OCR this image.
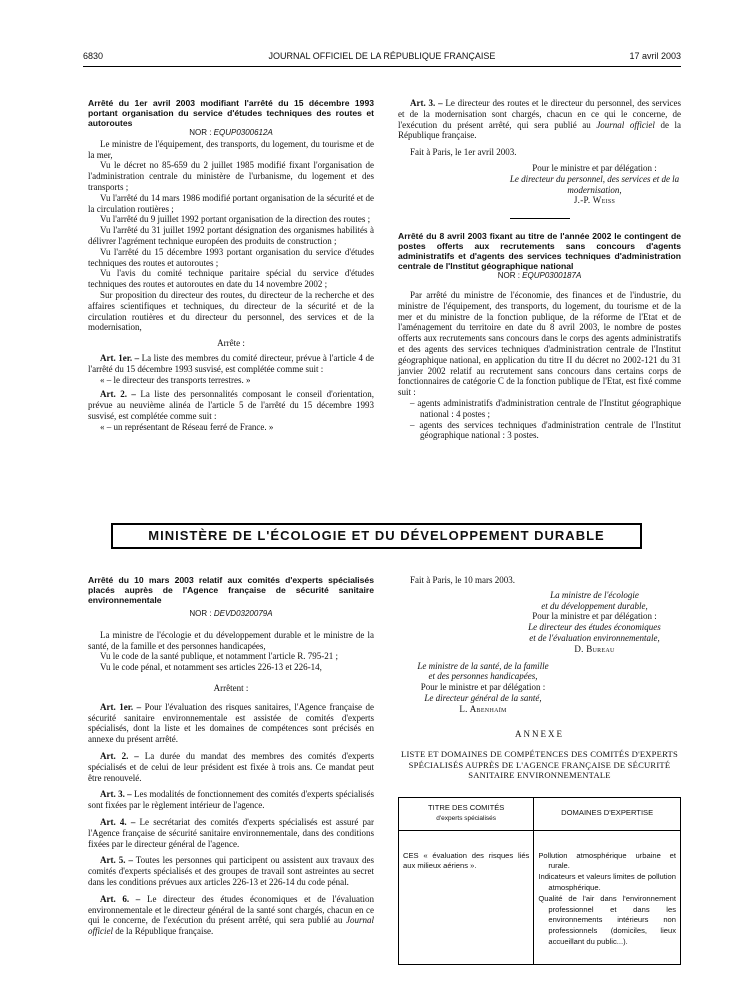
6830	JOURNAL OFFICIEL DE LA RÉPUBLIQUE FRANÇAISE	17 avril 2003

Arrêté du 1er avril 2003 modifiant l'arrêté du 15 décembre 1993 portant organisation du service d'études techniques des routes et autoroutes

NOR : EQUP0300612A

Le ministre de l'équipement, des transports, du logement, du tourisme et de la mer,

Vu le décret no 85-659 du 2 juillet 1985 modifié fixant l'organisation de l'administration centrale du ministère de l'urbanisme, du logement et des transports ;

Vu l'arrêté du 14 mars 1986 modifié portant organisation de la sécurité et de la circulation routières ;

Vu l'arrêté du 9 juillet 1992 portant organisation de la direction des routes ;

Vu l'arrêté du 31 juillet 1992 portant désignation des organismes habilités à délivrer l'agrément technique européen des produits de construction ;

Vu l'arrêté du 15 décembre 1993 portant organisation du service d'études techniques des routes et autoroutes ;

Vu l'avis du comité technique paritaire spécial du service d'études techniques des routes et autoroutes en date du 14 novembre 2002 ;

Sur proposition du directeur des routes, du directeur de la recherche et des affaires scientifiques et techniques, du directeur de la sécurité et de la circulation routières et du directeur du personnel, des services et de la modernisation,

Arrête :

Art. 1er. – La liste des membres du comité directeur, prévue à l'article 4 de l'arrêté du 15 décembre 1993 susvisé, est complétée comme suit :

« – le directeur des transports terrestres. »

Art. 2. – La liste des personnalités composant le conseil d'orientation, prévue au neuvième alinéa de l'article 5 de l'arrêté du 15 décembre 1993 susvisé, est complétée comme suit :

« – un représentant de Réseau ferré de France. »

Art. 3. – Le directeur des routes et le directeur du personnel, des services et de la modernisation sont chargés, chacun en ce qui le concerne, de l'exécution du présent arrêté, qui sera publié au Journal officiel de la République française.

Fait à Paris, le 1er avril 2003.

Pour le ministre et par délégation :

Le directeur du personnel, des services et de la modernisation,

J.-P. Weiss

Arrêté du 8 avril 2003 fixant au titre de l'année 2002 le contingent de postes offerts aux recrutements sans concours d'agents administratifs et d'agents des services techniques d'administration centrale de l'Institut géographique national

NOR : EQUP0300187A

Par arrêté du ministre de l'économie, des finances et de l'industrie, du ministre de l'équipement, des transports, du logement, du tourisme et de la mer et du ministre de la fonction publique, de la réforme de l'Etat et de l'aménagement du territoire en date du 8 avril 2003, le nombre de postes offerts aux recrutements sans concours dans le corps des agents administratifs et des agents des services techniques d'administration centrale de l'Institut géographique national, en application du titre II du décret no 2002-121 du 31 janvier 2002 relatif au recrutement sans concours dans certains corps de fonctionnaires de catégorie C de la fonction publique de l'Etat, est fixé comme suit :

– agents administratifs d'administration centrale de l'Institut géographique national : 4 postes ;
– agents des services techniques d'administration centrale de l'Institut géographique national : 3 postes.
MINISTÈRE DE L'ÉCOLOGIE ET DU DÉVELOPPEMENT DURABLE

Arrêté du 10 mars 2003 relatif aux comités d'experts spécialisés placés auprès de l'Agence française de sécurité sanitaire environnementale

NOR : DEVD0320079A

La ministre de l'écologie et du développement durable et le ministre de la santé, de la famille et des personnes handicapées,

Vu le code de la santé publique, et notamment l'article R. 795-21 ;

Vu le code pénal, et notamment ses articles 226-13 et 226-14,

Arrêtent :

Art. 1er. – Pour l'évaluation des risques sanitaires, l'Agence française de sécurité sanitaire environnementale est assistée de comités d'experts spécialisés, dont la liste et les domaines de compétences sont précisés en annexe du présent arrêté.

Art. 2. – La durée du mandat des membres des comités d'experts spécialisés et de celui de leur président est fixée à trois ans. Ce mandat peut être renouvelé.

Art. 3. – Les modalités de fonctionnement des comités d'experts spécialisés sont fixées par le règlement intérieur de l'agence.

Art. 4. – Le secrétariat des comités d'experts spécialisés est assuré par l'Agence française de sécurité sanitaire environnementale, dans des conditions fixées par le directeur général de l'agence.

Art. 5. – Toutes les personnes qui participent ou assistent aux travaux des comités d'experts spécialisés et des groupes de travail sont astreintes au secret dans les conditions prévues aux articles 226-13 et 226-14 du code pénal.

Art. 6. – Le directeur des études économiques et de l'évaluation environnementale et le directeur général de la santé sont chargés, chacun en ce qui le concerne, de l'exécution du présent arrêté, qui sera publié au Journal officiel de la République française.

Fait à Paris, le 10 mars 2003.

La ministre de l'écologie

et du développement durable,

Pour la ministre et par délégation :

Le directeur des études économiques

et de l'évaluation environnementale,

D. Bureau

Le ministre de la santé, de la famille

et des personnes handicapées,

Pour le ministre et par délégation :

Le directeur général de la santé,

L. Abenhaïm

ANNEXE

LISTE ET DOMAINES DE COMPÉTENCES DES COMITÉS D'EXPERTS SPÉCIALISÉS AUPRÈS DE L'AGENCE FRANÇAISE DE SÉCURITÉ SANITAIRE ENVIRONNEMENTALE

TITRE DES COMITÉS
d'experts spécialisés	DOMAINES D'EXPERTISE
CES « évaluation des risques liés aux milieux aériens ».	Pollution atmosphérique urbaine et rurale.

Indicateurs et valeurs limites de pollution atmosphérique.

Qualité de l'air dans l'environnement professionnel et dans les environnements intérieurs non professionnels (domiciles, lieux accueillant du public...).
